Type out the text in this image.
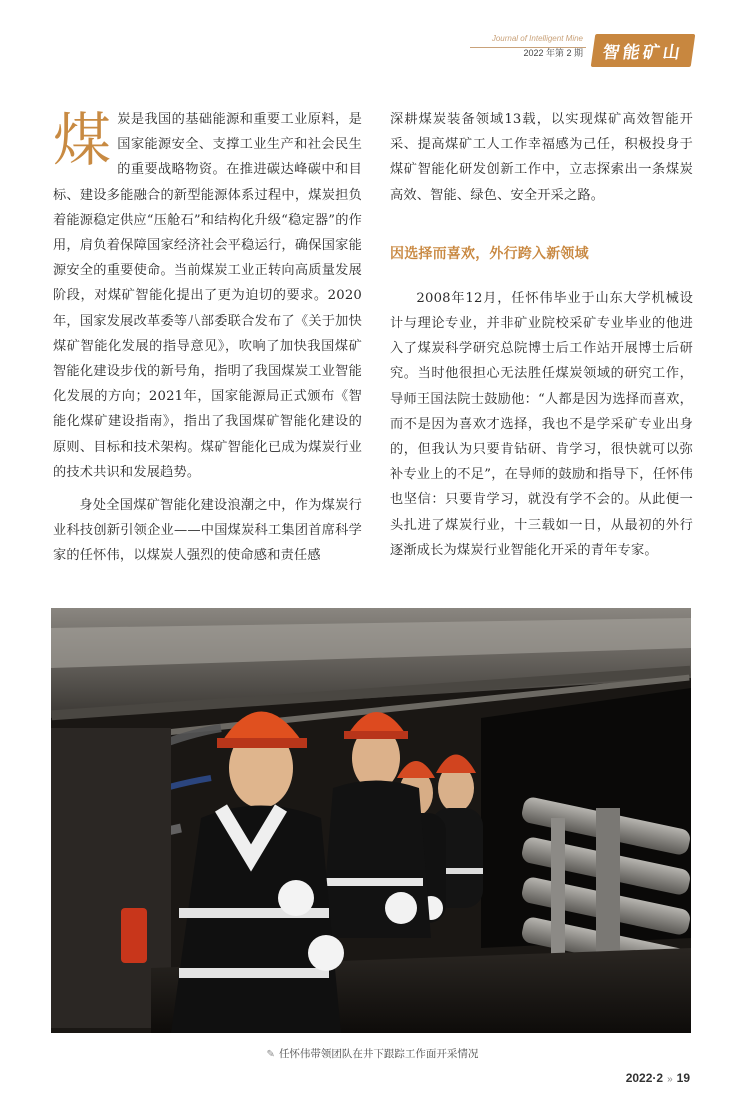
Journal of Intelligent Mine
2022 年第 2 期	智能矿山

煤炭是我国的基础能源和重要工业原料，是国家能源安全、支撑工业生产和社会民生的重要战略物资。在推进碳达峰碳中和目标、建设多能融合的新型能源体系过程中，煤炭担负着能源稳定供应“压舱石”和结构化升级“稳定器”的作用，肩负着保障国家经济社会平稳运行，确保国家能源安全的重要使命。当前煤炭工业正转向高质量发展阶段，对煤矿智能化提出了更为迫切的要求。2020年，国家发展改革委等八部委联合发布了《关于加快煤矿智能化发展的指导意见》，吹响了加快我国煤矿智能化建设步伐的新号角，指明了我国煤炭工业智能化发展的方向；2021年，国家能源局正式颁布《智能化煤矿建设指南》，指出了我国煤矿智能化建设的原则、目标和技术架构。煤矿智能化已成为煤炭行业的技术共识和发展趋势。

身处全国煤矿智能化建设浪潮之中，作为煤炭行业科技创新引领企业——中国煤炭科工集团首席科学家的任怀伟，以煤炭人强烈的使命感和责任感

深耕煤炭装备领域13载，以实现煤矿高效智能开采、提高煤矿工人工作幸福感为己任，积极投身于煤矿智能化研发创新工作中，立志探索出一条煤炭高效、智能、绿色、安全开采之路。

因选择而喜欢，外行跨入新领域

2008年12月，任怀伟毕业于山东大学机械设计与理论专业，并非矿业院校采矿专业毕业的他进入了煤炭科学研究总院博士后工作站开展博士后研究。当时他很担心无法胜任煤炭领域的研究工作，导师王国法院士鼓励他：“人都是因为选择而喜欢，而不是因为喜欢才选择，我也不是学采矿专业出身的，但我认为只要肯钻研、肯学习，很快就可以弥补专业上的不足”，在导师的鼓励和指导下，任怀伟也坚信：只要肯学习，就没有学不会的。从此便一头扎进了煤炭行业，十三载如一日，从最初的外行逐渐成长为煤炭行业智能化开采的青年专家。

✎ 任怀伟带领团队在井下跟踪工作面开采情况
2022·2 » 19
